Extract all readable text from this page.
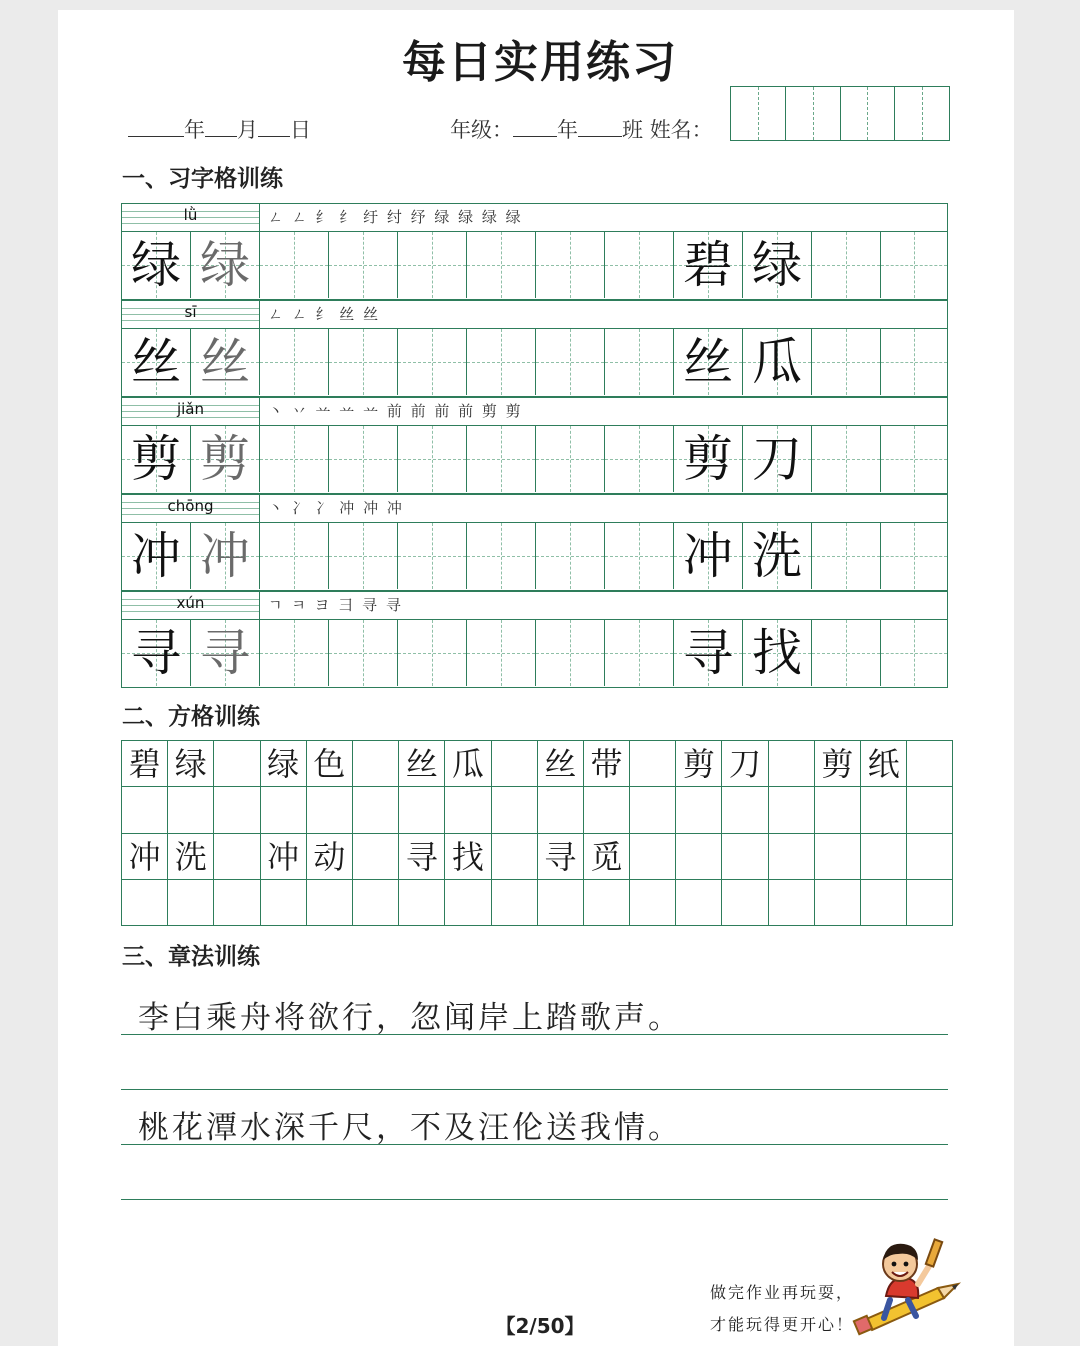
每日实用练习
年 月 日	年级： 年 班 姓名：
一、习字格训练
lǜ	ㄥ ㄥ 纟 纟 纡 纣 纾 绿 绿 绿 绿
绿 绿	碧 绿
sī	ㄥ ㄥ 纟 丝 丝
丝 丝	丝 瓜
jiǎn	丶 丷 䒑 䒑 䒑 前 前 前 前 剪 剪
剪 剪	剪 刀
chōng	丶 冫 冫 冲 冲 冲
冲 冲	冲 洗
xún	ㄱ ㅋ ヨ 彐 寻 寻
寻 寻	寻 找
二、方格训练
碧 绿 绿 色 丝 瓜 丝 带 剪 刀 剪 纸
冲 洗 冲 动 寻 找 寻 觅
三、章法训练
李白乘舟将欲行，忽闻岸上踏歌声。
桃花潭水深千尺，不及汪伦送我情。
【2/50】
做完作业再玩耍，
才能玩得更开心！
